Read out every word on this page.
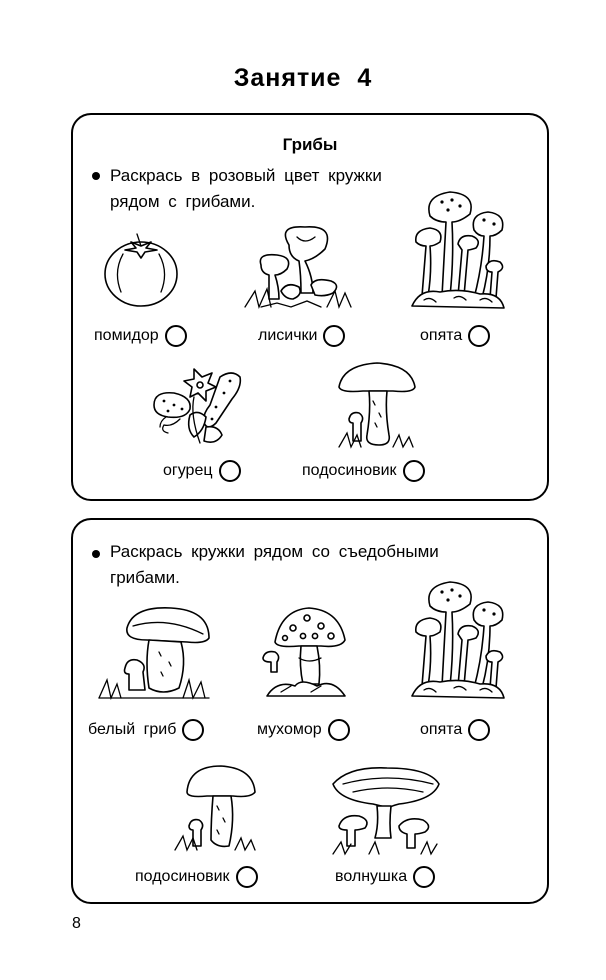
Занятие 4
Грибы
Раскрась в розовый цвет кружки
рядом с грибами.
помидор	лисички	опята
огурец	подосиновик
Раскрась кружки рядом со съедобными
грибами.
белый гриб	мухомор	опята
подосиновик	волнушка
8
